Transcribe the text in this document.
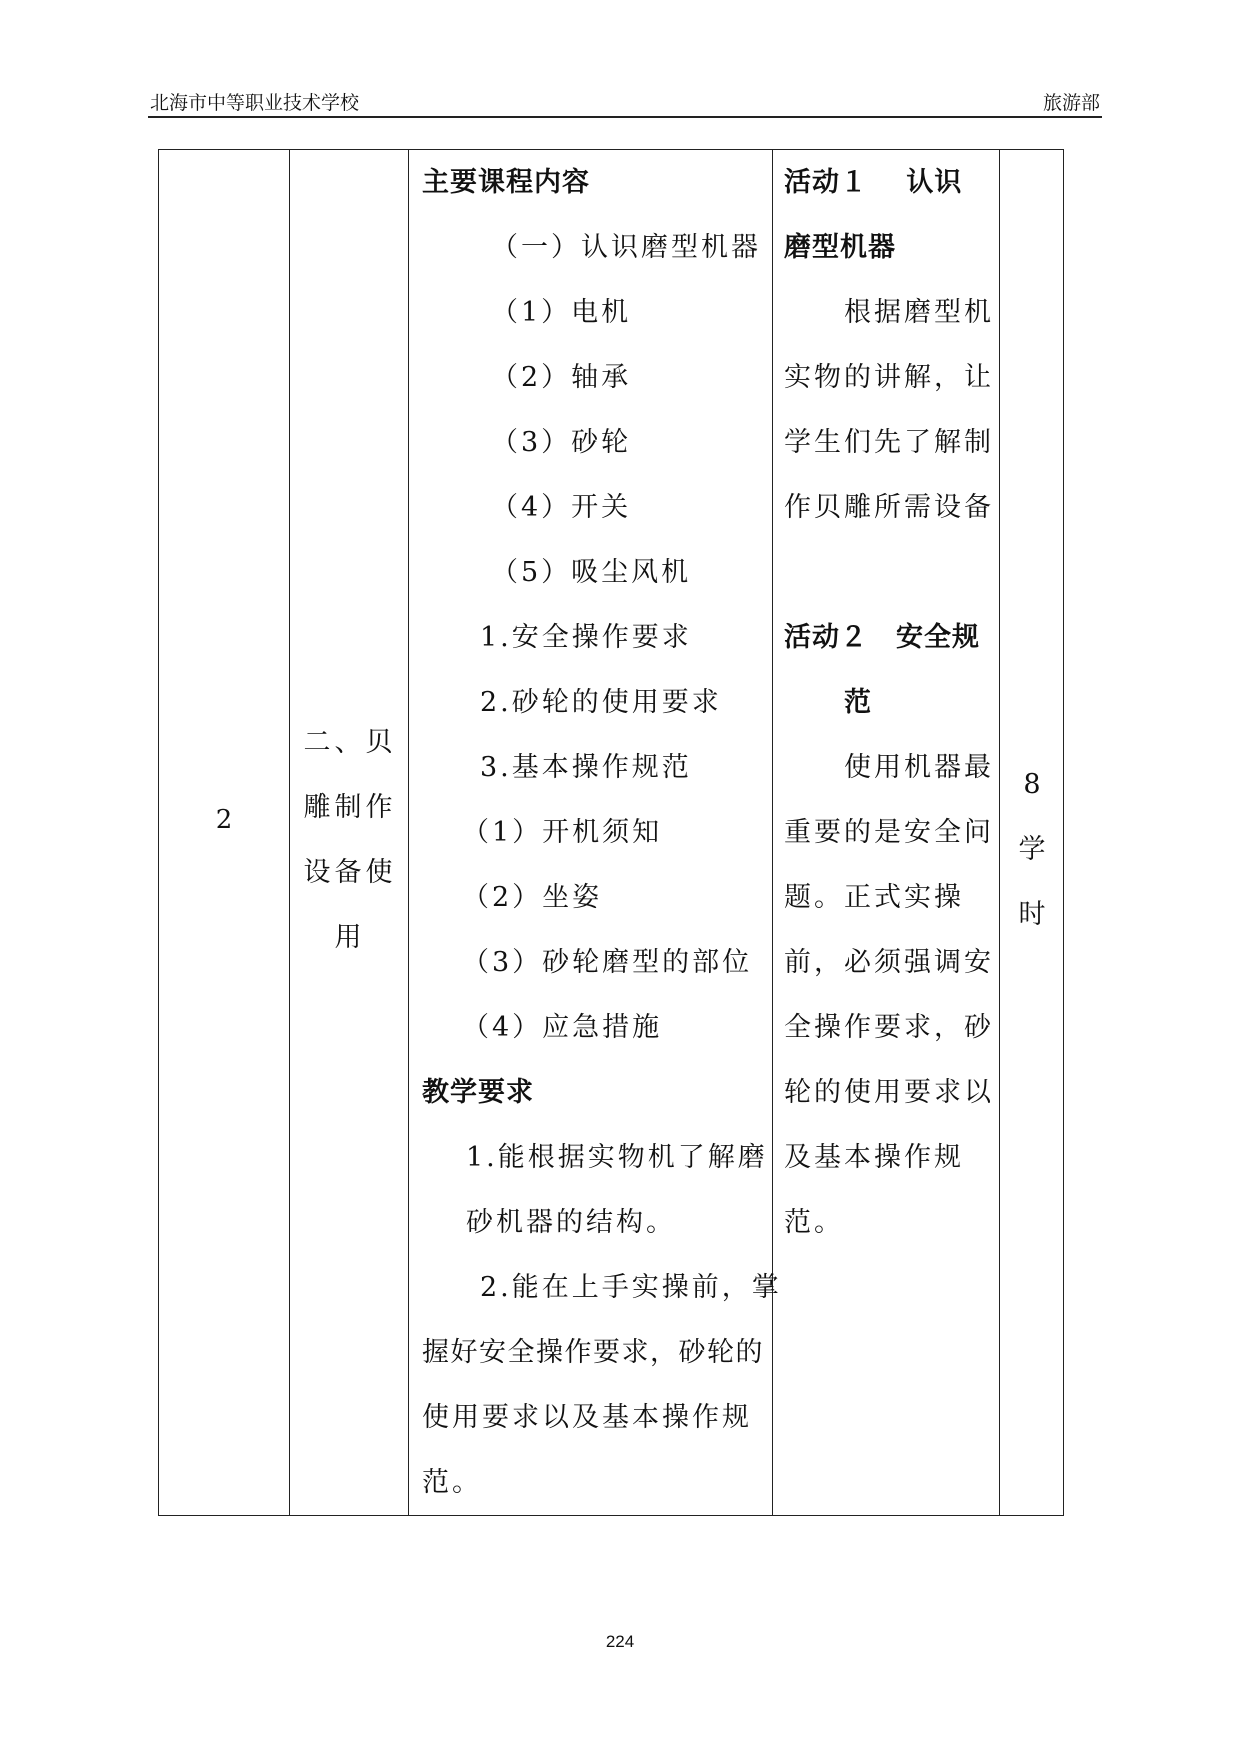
北海市中等职业技术学校	旅游部
2
二、贝
雕制作
设备使
用
主要课程内容
（一）认识磨型机器
（1）电机
（2）轴承
（3）砂轮
（4）开关
（5）吸尘风机
1.安全操作要求
2.砂轮的使用要求
3.基本操作规范
（1）开机须知
（2）坐姿
（3）砂轮磨型的部位
（4）应急措施
教学要求
1.能根据实物机了解磨
砂机器的结构。
2.能在上手实操前，掌
握好安全操作要求，砂轮的
使用要求以及基本操作规
范。
活动１　 认识
磨型机器
根据磨型机
实物的讲解，让
学生们先了解制
作贝雕所需设备
活动２　安全规
范
使用机器最
重要的是安全问
题。正式实操
前，必须强调安
全操作要求，砂
轮的使用要求以
及基本操作规
范。
8
学
时
224
